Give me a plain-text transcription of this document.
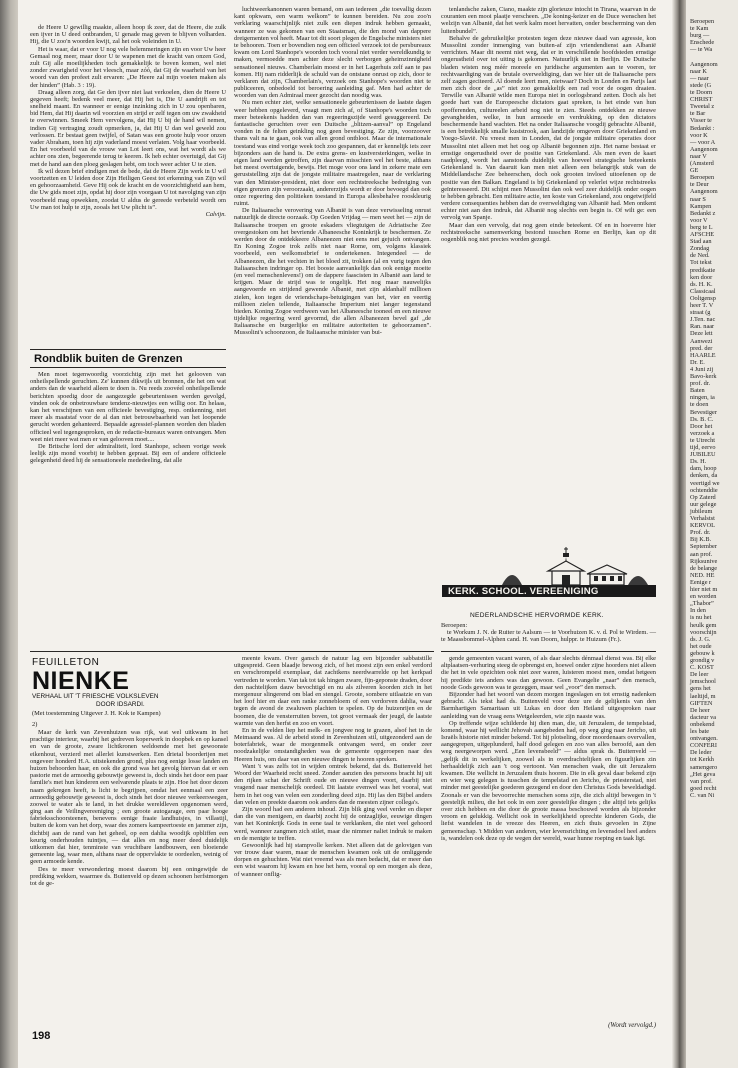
Beroepen
te Kam
burg —
Enschede
— te Wa
Aangenom
naar K
— naar
stede (G
te Doorn
CHRIST
Tweetal z
te Bar
Visser te
Bedankt :
voor K
— voor A
Aangenom
naar V
(Amsterd
GE
Beroepen
te Deur
Aangenom
naar S
Kampen
Bedankt z
voor V
berg te L
AFSCHE
Stad aan
Zondag
de Ned.
Tot tekst
predikatie
ken door
ds. H. K.
Classicaal
Ooltgensp
heer T. V
straat (g
J.Ten. nac
Ran. naar
Deze lett
Aanwezi
pred. der
HAARLE
Dr. E.
4 Juni zij
Bavo-kerk
prof. dr.
Baten
ningen, ia
te doen
Bevestiger
Ds. B. C.
Door het
verzoek a
te Utrecht
tijd, eervo
JUBILEU
Ds. H.
dam, hoop
denken, da
veertigd we
ochtenddie
Op Zaterd
uur gelege
jubileum
Verhalstst
KERVOL
Prof. dr.
Bij K.B.
September
aan prof.
Rijksunive
de belange
NED. HE
Eenige r
hier niet m
en worden
„Thabor”
In den
is nu het
heulk gem
voorschijn
ds. J. G.
het oude
gebouw k
grondig v
C. KOST
De leer
jemschool
gens het
laeltijd, m
GIFTEN
De heer
dacteur va
onbekend
les bate
ontvangen.
CONFERI
De leder
tot Kerkh
samengero
„Het geva
van prof.
goed recht
C. van Ni

de Heere U gewillig maakte, alleen hoop ik zeer, dat de Heere, die zulk een ijver in U deed ontbranden, U genade mag geven te blijven volharden. Hij, die U zoo'n woorden kwijt, zal het ook voleinden in U.

Het is waar, dat er voor U nog vele belemmeringen zijn en voor Uw heer Gemaal nog meer, maar door U te wapenen met de kracht van onzen God, zult Gij alle moeilijkheden toch gemakkelijk te boven komen, wel niet zonder zwarigheid voor het vleesch, maar zóó, dat Gij de waarheid van het woord van den profeet zult ervaren: „De Heere zal mijn voeten maken als der hinden” (Hab. 3 : 19).

Draag alleen zorg, dat Ge den ijver niet laat verkoelen, dien de Heere U gegeven heeft; bedenk veel meer, dat Hij het is, Die U aandrijft en tot snelheid maant. En wanneer er eenige inzinking zich in U zou openbaren, bid Hem, dat Hij daarin wil voorzien en strijd er zelf tegen om uw zwakheid te overwinnen. Smeek Hem vervolgens, dat Hij U bij de hand wil nemen, indien Gij vertraging zoudt opmerken, ja, dat Hij U dan wel geweld zou verlossen. Er bestaat geen twijfel, of Satan was een groote hulp voor onzen vader Abraham, toen hij zijn vaderland moest verlaten. Volg haar voorbeeld. En het voorbeeld van de vrouw van Lot leert ons, wat het wordt als we achter ons zien, begeerende terug te keeren. Ik heb echter overtuigd, dat Gij met de hand aan den ploeg geslagen hebt, om toch weer achter U te zien.

Ik wil dezen brief eindigen met de bede, dat de Heere Zijn werk in U wil voortzetten en U leiden door Zijn Heiligen Geest tot erkenning van Zijn wil en gehoorzaamheid. Geve Hij ook de kracht en de voorzichtigheid aan hem, die Uw gids moet zijn, opdat hij door zijn voorgaan U tot navolging van zijn voorbeeld mag opwekken, zoodat U aldus de gereede verbeteld wordt om Uw man tot hulp te zijn, zooals het Uw plicht is”.

Calvijn.
Rondblik buiten de Grenzen

Men moet tegenwoordig voorzichtig zijn met het gelooven van onheilspellende geruchten. Ze' kunnen dikwijls uit bronnen, die het om wat anders dan de waarheid alleen te doen is. Nu reeds zoovéel onheilspellende berichten spoedig door de aangezegde gebeurtenissen werden gevolgd, vinden ook de onbetrouwbare tendenz-nieuwtjes een willig oor. En helaas, kan het verschijnen van een officieele bevestiging, resp. ontkenning, niet meer als maatstaf voor de al dan niet betrouwbaarheid van het loopende gerucht worden gehanteerd. Bepaalde agressief-plannen worden den bladen officieel wel tegengesproken, en de redactie-bureaux waren ontvangen. Men weet niet meer wat men er van gelooven moet....

De Britsche lord der admiraliteit, lord Stanhope, scheen vorige week leelijk zijn mond voorbij te hebben gepraat. Bij een of andere officieele gelegenheid deed hij de sensationeele mededeeling, dat alle

luchtweerkanonnen waren bemand, om aan iedereen „die toevallig dezen kant opkwam, een warm welkom” te kunnen bereiden. Nu zou zoo'n verklaring waarschijnlijk niet zulk een diepen indruk hebben gemaakt, wanneer ze was gekomen van een Staatsman, die den mond van dappere dreigementen vol heeft. Maar tot dit soort plegen de Engelsche ministers niet te behooren. Toen er bovendien nog een officieel verzoek tot de persbureaux kwam om Lord Stanhope's woorden toch vooral niet verder wereldkundig te maken, vermoedde men achter deze slecht verborgen geheimzinnigheid sensationeel nieuws. Chamberlain moest er in het Lagerhuis zelf aan te pas komen. Hij nam ridderlijk de schuld van de ontstane onrust op zich, door te verklaren dat zijn, Chamberlain's, verzoek om Stanhope's woorden niet te publiceeren, onbedoeld tot beroering aanleiding gaf. Men had achter de woorden van den Admiraal meer gezocht dan noodig was.

Nu men echter ziet, welke sensationeele gebeurtenissen de laatste dagen weer hebben opgeleverd, vraagt men zich af, of Stanhope's woorden toch meer beteekenis hadden dan van regeeringszijde werd gesuggereerd. De fantastische geruchten over een Duitsche „blitzen-aanval” op Engeland vonden in de felten geinkling nog geen bevestiging. Ze zijn, voorzoover thans valt na te gaan, ook van allen grond ontbloot. Maar de internationale toestand was eind vorige week toch zoo gespannen, dat er kennelijk iets zeer bijzonders aan de hand is. De extra grens- en kustversterkingen, welke in eigen land werden getroffen, zijn daarvan misschien wel het beste, althans het meest overtuigende, bewijs. Het moge voor ons land in zekere mate een geruststelling zijn dat de jongste militaire maatregelen, naar de verklaring van den Minister-president, niet door een rechtstreeksche bedreiging van eigen grenzen zijn veroorzaakt, andererzijds wordt er door bevoegd dan ook onze regeering den politieken toestand in Europa allesbehalve rooskleurig ruimt.

De Italiaansche verovering van Albanië is van deze verwisseling onrust natuurlijk de directe oorzaak. Op Goeden Vrijdag — men weet het — zijn de Italiaansche troepen en groote eskaders vliegtuigen de Adriatische Zee overgestoken om het bevriende Albaneesche Koninkrijk te beschermen. Ze werden door de ontdekkeere Albaneezen niet eens met gejuich ontvangen. En Koning Zogoe trok zelfs niet naar Rome, om, volgens klassiek voorbeeld, een welkomstbrief te ondertekenen. Integendeel — de Albaneezen, die het vechten in het bloed zit, trokken (al en vurig tegen den Italiaanschen indringer op. Het booste aanvankelijk dan ook eenige moeite (en veel menschenlevens!) om de dappere faascisten in Albanië aan land te krijgen. Maar de strijd was te ongelijk. Het nog maar nauwelijks aangevoerde en strijdend gewende Albanië, met zijn aldanhalf millioen zielen, kon tegen de vriendschaps-betuigingen van het, vier en veertig millioen zielen tellende, Italiaansche Imperium niet langer tegenstand bieden. Koning Zogoe verdween van het Albaneesche tooneel en een nieuwe tijdelijke regeering werd gevormd, die allen Albaneezen bevel gaf „de Italiaansche en burgerlijke en militaire autoriteiten te gehoorzamen”. Mussolini's schoonzoon, de Italiaansche minister van bui-

tenlandsche zaken, Ciano, maakte zijn glorieuze intocht in Tirana, waarvan in de couranten een mooi plaatje verscheen. „De koning-keizer en de Duce wenschen het welzijn van Albanië, dat het werk kalm moet hervatten, onder bescherming van den luitenbundel”.

Behalve de gebruikelijke protesten tegen deze nieuwe daad van agressie, kon Mussolini zonder inmenging van buiten-af zijn vriendendienst aan Albanië verrichten. Maar dit neemt niet weg, dat er in verschillende hoofdsteden ernstige ongerustheid over tot uiting is gekomen. Natuurlijk niet in Berlijn. De Duitsche bladen wisten nog méér moreele en juridische argumenten aan te voeren, ter rechtvaardiging van de brutale overweldiging, dan we hier uit de Italiaansche pers zelf zagen geciteerd. Al doende leert men, nietwaar? Doch in Londen en Parijs laat men zich door de „as” niet zoo gemakkelijk een rad voor de oogen draaien. Terwille van Albanië wilde men Europa niet in oorlogsbrand zetten. Doch als het goede hart van de Europeesche dictators gaat spreken, is het einde van hun opofferenden, cultureelen arbeid nog niet te zien. Steeds ontdekken ze nieuwe gevangheiden, welke, in hun armoede en verdrukking, op den dictators beschermende hand wachten. Het na onder Italiaansche voogdij gebrachte Albanië, is een betrekkelijk smalle kuststrook, aan landzijde omgeven door Griekenland en Yoego-Slavië. Nu vreest men in Londen, dat de jongste militaire operaties door Mussolini niet alleen met het oog op Albanië begonnen zijn. Het name bestaat er ernstige ongerustheid over de positie van Griekenland. Als men even de kaart raadpleegt, wordt het aanstonds duidelijk van hoeveel strategische beteekenis Griekenland is. Van daaruit kan men niet alleen een belangrijk stuk van de Middellandsche Zee beheerschen, doch ook grooten invloed uitoefenen op de positie van den Balkan. Engeland is bij Griekenland op velerlei wijze rechtstreeks geïnteresseerd. Dit schijnt men Mussolini dan ook wel zeer duidelijk onder oogen te hebben gebracht. Een militaire actie, ten koste van Griekenland, zou ongetwijfeld verdere consequenties hebben dan de overweldiging van Albanië had. Men ontkent echter niet aan den indruk, dat Albanië nog slechts een begin is. Of wilt ge: een vervolg van Spanje.

Maar dan een vervolg, dat nog geen einde beteekent. Of en in hoeverre hier rechtstreeksche samenwerking bestond tusschen Rome en Berlijn, kan op dit oogenblik nog niet precies worden gezegd.

KERK. SCHOOL. VEREENIGING
NEDERLANDSCHE HERVORMDE KERK.

Beroepen:

te Workum J. N. de Ruiter te Aalsum — te Voorhuizen K. v. d. Pol te Wirdem. — te Maassbommel-Alphen cand. H. van Doorn, hulppr. te Huizum (Fr.).

FEUILLETON
NIENKE
VERHAAL UIT 'T FRIESCHE VOLKSLEVEN
DOOR IDSARDI.
(Met toestemming Uitgever J. H. Kok te Kampen)
2)

Maar de kerk van Zevenhuizen was rijk, wat wel uitkwam in het prachtige interieur, waarbij het gedreven koperwerk in doopbek en op kansel en van de groote, zware lichtkronen weldoende met het gewoonste eikenhout, verzierd met allerlei kunstwerken. Een drietal boorderijen met ongeveer honderd H.A. uitstekenden grond, plus nog eenige losse landen en huizen behoorden haar, en ook die grond was het gevolg hiervan dat er een pastorie met de armoedig gebouwtje geweest is, doch sinds het door een paar familie's met hun kinderen een welvarende plaats te zijn. Hoe het door dezen naam gekregen heeft, is licht te begrijpen, omdat het eenmaal een zeer armoedig gebouwtje geweest is, doch sinds het door nieuwe verkeerswegen, zoowel te water als te land, in het drukke wereldleven opgenomen werd, ging aan de Veilingvereeniging ; een groote autogarage, een paar hooge fabrieksschoorsteenen, benevens eenige fraaie landhuisjes, in villastijl, buiten de kom van het dorp, waar des zomers kampeertoeste en jammer zijn, dichtbij aan de rand van het geheel, op een dahlia woodijk opbliffen een keurig onderhouden tuintjes, — dat alles en nog meer deed duidelijk uitkomen dat hier, tenminste van vruchtbare landbouwen, een bloeiende gemeente lag, waar men, althans naar de oppervlakte te oordeelen, weinig of geen armoede kende.

Des te meer verwondering moest daarom bij een oningewijde de prediking wekken, waarmee ds. Buitenveld op dezen schoonen herfstmorgen tot de ge-

meente kwam. Over gansch de natuur lag een bijzonder sabbatstille uitgespreid. Geen blaadje bewoog zich, of het moest zijn een enkel verdord en verschrompeld exemplaar, dat zachtkens neerdwarrelde op het kerkpad vertreden te worden. Van tak tot tak hingen zware, fijn-geponste draden, door den nachtelijken dauw bevochtigd en nu als zilveren koorden zich in het morgenuur slingerend om blad en stengel. Groote, sombere uitlaatzie en van het loof hier en daar een ranke zonnebloem of een verdorven dahlia, waar tegen de avond de zwaluwen plachten te spelen. Op de huizenrijen en de boomen, die de vensterruiten boven, tot groot vermaak der jeugd, de laatste warmte van den herfst en zoo en voort.

En in de velden liep het melk- en jongvee nog te grazen, alsof het in de Meimaand was. Al de arbeid stond in Zevenhuizen stil, uitgezonderd aan de boterfabriek, waar de morgenmelk ontvangen werd, en onder zeer noodzakelijke omstandigheden was de gemeente opgeroepen naar des Heeren huis, om daar van een nieuwe dingen te hooren spreken.

Want 't was zelfs tot in wijden omtrek bekend, dat ds. Buitenveld het Woord der Waarheid recht sneed. Zonder aanzien des persoons bracht hij uit den rijken schat der Schrift oude en nieuwe dingen voort, daarbij niet vragend naar menschelijk oordeel. Dit laatste evenwel was het vooral, wat hem in het oog van velen een zonderling deed zijn. Hij las den Bijbel anders dan velen en preekte daarom ook anders dan de meesten zijner collega's.

Zijn woord had een anderen inhoud. Zijn blik ging veel verder en dieper dan die van menigeen, en daarbij zocht hij de ontzaglijke, eeuwige dingen van het Koninkrijk Gods in eene taal te verklanken, die niet veel gehoord werd, wanneer zangmen zich stilet, maar die nimmer naliet indruk te maken en de menigte te treffen.

Gewoonlijk had hij stampvolle kerken. Niet alleen dat de gelovigen van ver trouw daar waren, maar de menschen kwamen ook uit de omliggende dorpen en gehuchten. Wat niet vreemd was als men bedacht, dat er meer dan een wist waarom hij kwam en hoe het hem, vooral op een morgen als deze, of wanneer onflig-

gende gemeenten vacant waren, of als daar slechts dénmaal dienst was. Bij elke altplaatsen-verhuring steeg de opbrengst en, hoewel onder zijne hoorders niet alleen die het in vele opzichten ook niet zeer waren, luisteren moest men, omdat hetgeen hij predikte iets anders was dan gewoon. Geen Evangelie „naar” den mensch, noode Gods gewoon was te gezeggen, maar wel „voor” den mensch.

Bijzonder had het woord van dezen morgen ingeslagen en tot ernstig nadenken gebracht. Als tekst had ds. Buitenveld voor deze ure de gelijkenis van den Barmhartigen Samaritaan uit Lukas en door den Heiland uitgesproken naar aanleiding van de vraag eens Wetgeleerden, wie zijn naaste was.

Op treffende wijze schilderde hij dien man, die, uit Jeruzalem, de tempelstad, komend, waar hij wellicht Jehovah aangebeden had, op weg ging naar Jericho, uit Israëls historie niet minder bekend. Tot hij plotseling, door moordenaars overvallen, aangegrepen, uitgeplunderd, half dood gelegen en zoo van alles beroofd, aan den weg neergeworpen werd. „Een levensbeeld” — aldus sprak ds. Buitenveld — „gelijk dit in werkelijken, zoowel als in overdrachtelijken en figuurlijken zin herhaaldelijk zich aan 't oog vertoont. Van menschen vaak, die uit Jeruzalem kwamen. Die wellicht in Jeruzalem thuis hooren. Die in elk geval daar bekend zijn en wier weg gelegen is tusschen de tempelstad en Jericho, de priesterstad, niet minder met geestelijke goederen gezegend en door den Christus Gods beweldadigd. Zoonals er van die bevoorrechte menschen soms zijn, die zich altijd bewegen in 't geestelijk milieu, die het ook in een zeer geestelijke dingen ; die altijd iets gelijks over zich hebben en die door de groote massa beschouwd worden als bijzonder vroom en gelukkig. Wellicht ook in werkelijkheid oprechte kinderen Gods, die liefst wandelen in de vreeze des Heeren, en zich thuis gevoelen in Zijne gemeenschap. 't Midden van anderen, wier levensrichting en levensdoel heel anders is, wandelen ook deze op de wegen der wereld, waar hunne roeping en taak ligt.

(Wordt vervolgd.)
198
